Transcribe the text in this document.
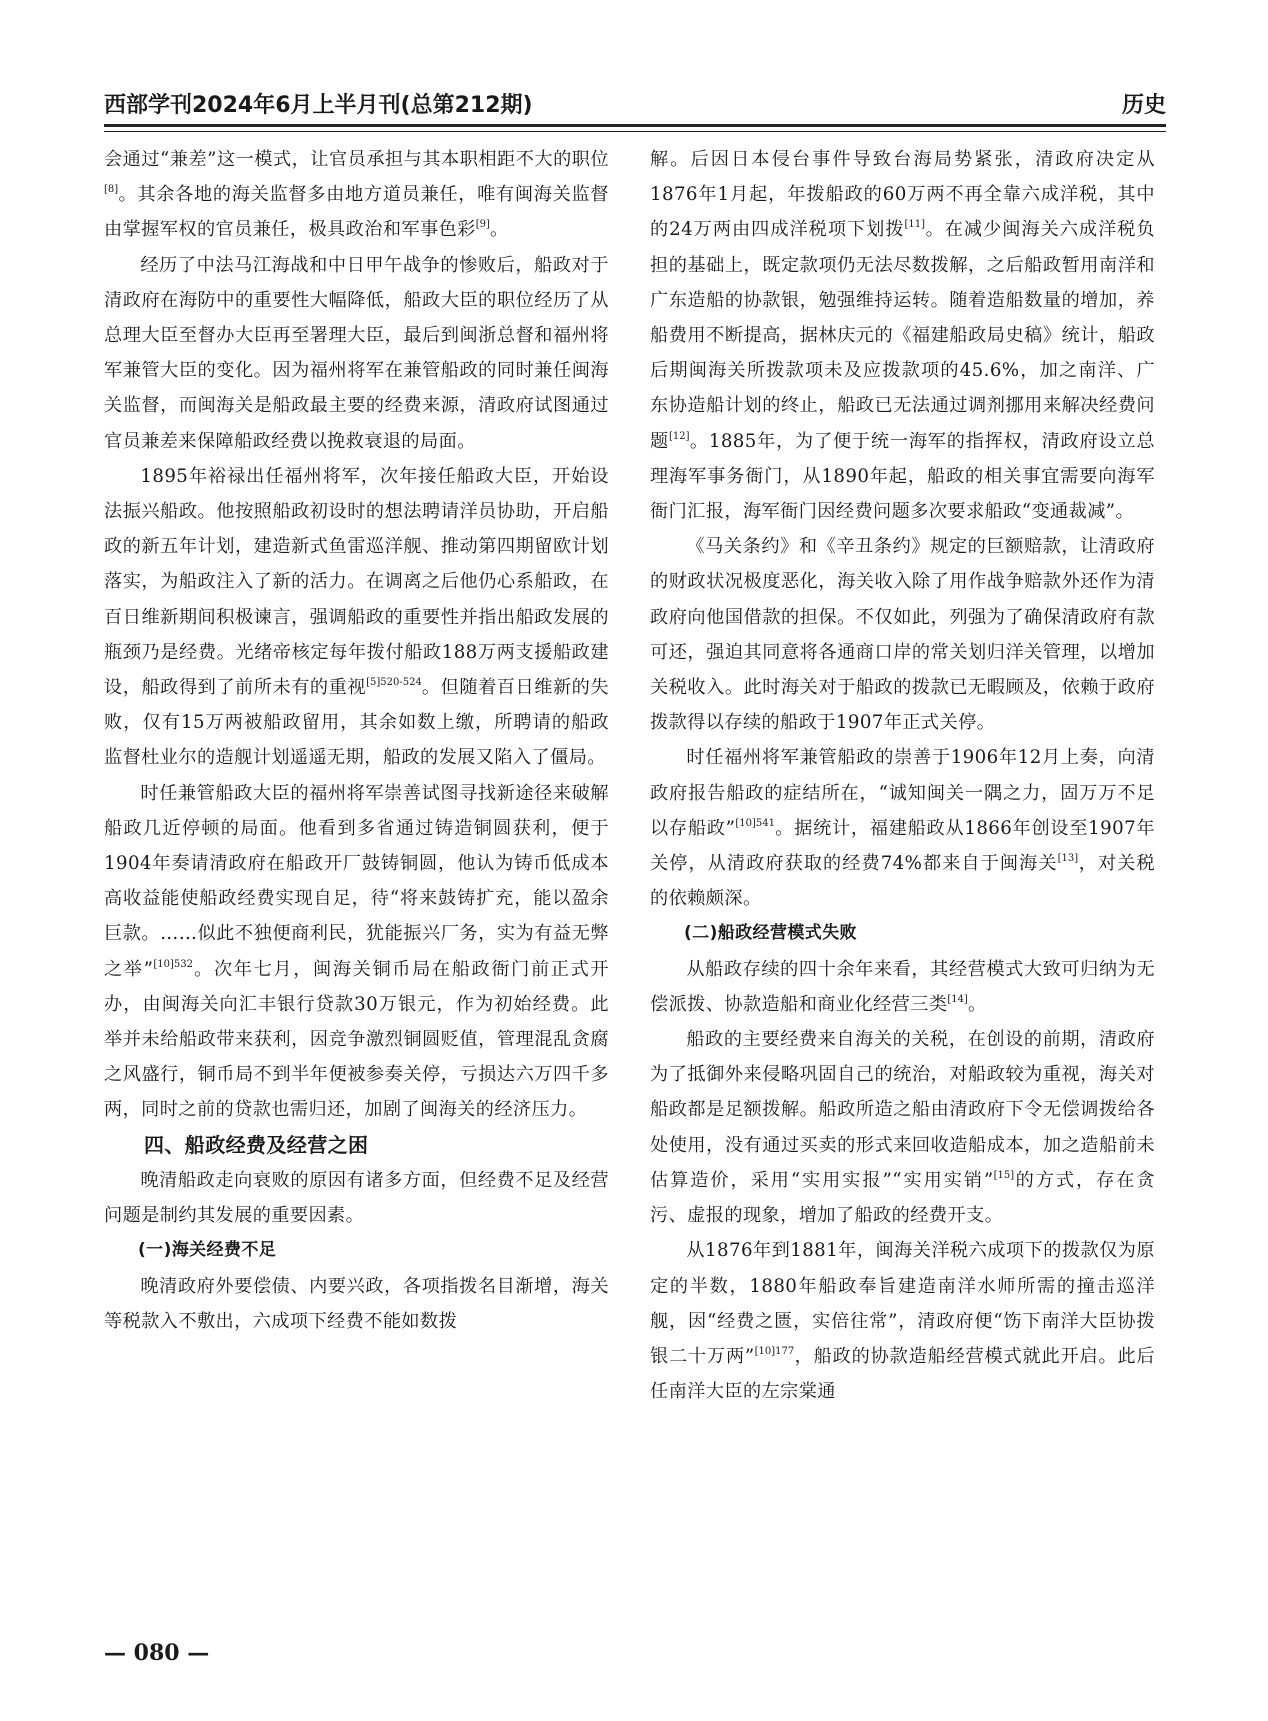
西部学刊2024年6月上半月刊(总第212期)	历史

会通过“兼差”这一模式，让官员承担与其本职相距不大的职位[8]。其余各地的海关监督多由地方道员兼任，唯有闽海关监督由掌握军权的官员兼任，极具政治和军事色彩[9]。

经历了中法马江海战和中日甲午战争的惨败后，船政对于清政府在海防中的重要性大幅降低，船政大臣的职位经历了从总理大臣至督办大臣再至署理大臣，最后到闽浙总督和福州将军兼管大臣的变化。因为福州将军在兼管船政的同时兼任闽海关监督，而闽海关是船政最主要的经费来源，清政府试图通过官员兼差来保障船政经费以挽救衰退的局面。

1895年裕禄出任福州将军，次年接任船政大臣，开始设法振兴船政。他按照船政初设时的想法聘请洋员协助，开启船政的新五年计划，建造新式鱼雷巡洋舰、推动第四期留欧计划落实，为船政注入了新的活力。在调离之后他仍心系船政，在百日维新期间积极谏言，强调船政的重要性并指出船政发展的瓶颈乃是经费。光绪帝核定每年拨付船政188万两支援船政建设，船政得到了前所未有的重视$^{[5]520-524}$。但随着百日维新的失败，仅有15万两被船政留用，其余如数上缴，所聘请的船政监督杜业尔的造舰计划遥遥无期，船政的发展又陷入了僵局。

时任兼管船政大臣的福州将军崇善试图寻找新途径来破解船政几近停顿的局面。他看到多省通过铸造铜圆获利，便于1904年奏请清政府在船政开厂鼓铸铜圆，他认为铸币低成本高收益能使船政经费实现自足，待“将来鼓铸扩充，能以盈余巨款。……似此不独便商利民，犹能振兴厂务，实为有益无弊之举”$^{[10]532}$。次年七月，闽海关铜币局在船政衙门前正式开办，由闽海关向汇丰银行贷款30万银元，作为初始经费。此举并未给船政带来获利，因竞争激烈铜圆贬值，管理混乱贪腐之风盛行，铜币局不到半年便被参奏关停，亏损达六万四千多两，同时之前的贷款也需归还，加剧了闽海关的经济压力。

四、船政经费及经营之困

晚清船政走向衰败的原因有诸多方面，但经费不足及经营问题是制约其发展的重要因素。

(一)海关经费不足

晚清政府外要偿债、内要兴政，各项指拨名目渐增，海关等税款入不敷出，六成项下经费不能如数拨

解。后因日本侵台事件导致台海局势紧张，清政府决定从1876年1月起，年拨船政的60万两不再全靠六成洋税，其中的24万两由四成洋税项下划拨[11]。在减少闽海关六成洋税负担的基础上，既定款项仍无法尽数拨解，之后船政暂用南洋和广东造船的协款银，勉强维持运转。随着造船数量的增加，养船费用不断提高，据林庆元的《福建船政局史稿》统计，船政后期闽海关所拨款项未及应拨款项的45.6%，加之南洋、广东协造船计划的终止，船政已无法通过调剂挪用来解决经费问题[12]。1885年，为了便于统一海军的指挥权，清政府设立总理海军事务衙门，从1890年起，船政的相关事宜需要向海军衙门汇报，海军衙门因经费问题多次要求船政“变通裁减”。

《马关条约》和《辛丑条约》规定的巨额赔款，让清政府的财政状况极度恶化，海关收入除了用作战争赔款外还作为清政府向他国借款的担保。不仅如此，列强为了确保清政府有款可还，强迫其同意将各通商口岸的常关划归洋关管理，以增加关税收入。此时海关对于船政的拨款已无暇顾及，依赖于政府拨款得以存续的船政于1907年正式关停。

时任福州将军兼管船政的崇善于1906年12月上奏，向清政府报告船政的症结所在，“诚知闽关一隅之力，固万万不足以存船政”$^{[10]541}$。据统计，福建船政从1866年创设至1907年关停，从清政府获取的经费74%都来自于闽海关[13]，对关税的依赖颇深。

(二)船政经营模式失败

从船政存续的四十余年来看，其经营模式大致可归纳为无偿派拨、协款造船和商业化经营三类[14]。

船政的主要经费来自海关的关税，在创设的前期，清政府为了抵御外来侵略巩固自己的统治，对船政较为重视，海关对船政都是足额拨解。船政所造之船由清政府下令无偿调拨给各处使用，没有通过买卖的形式来回收造船成本，加之造船前未估算造价，采用“实用实报”“实用实销”[15]的方式，存在贪污、虚报的现象，增加了船政的经费开支。

从1876年到1881年，闽海关洋税六成项下的拨款仅为原定的半数，1880年船政奉旨建造南洋水师所需的撞击巡洋舰，因“经费之匮，实倍往常”，清政府便“饬下南洋大臣协拨银二十万两”$^{[10]177}$，船政的协款造船经营模式就此开启。此后任南洋大臣的左宗棠通

— 080 —
